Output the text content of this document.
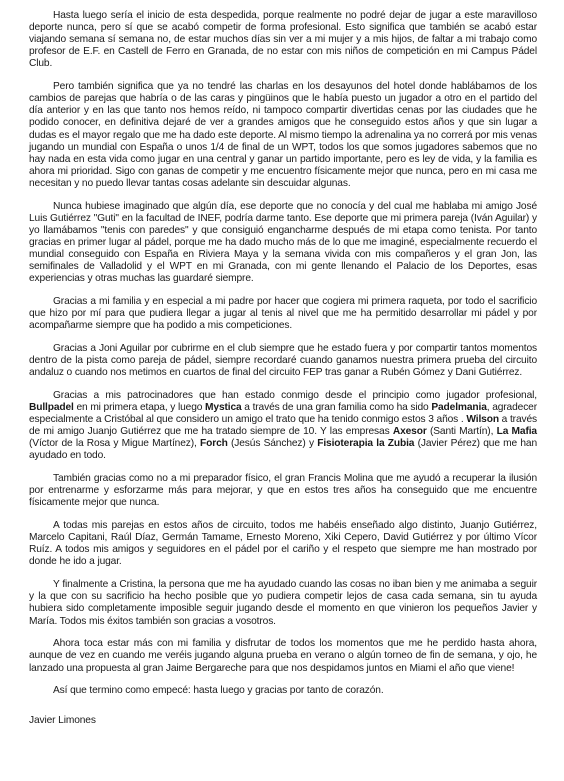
Hasta luego sería el inicio de esta despedida, porque realmente no podré dejar de jugar a este maravilloso deporte nunca, pero sí que se acabó competir de forma profesional. Esto significa que también se acabó estar viajando semana sí semana no, de estar muchos días sin ver a mi mujer y a mis hijos, de faltar a mi trabajo como profesor de E.F. en Castell de Ferro en Granada, de no estar con mis niños de competición en mi Campus Pádel Club.

Pero también significa que ya no tendré las charlas en los desayunos del hotel donde hablábamos de los cambios de parejas que habría o de las caras y pingüinos que le había puesto un jugador a otro en el partido del día anterior y en las que tanto nos hemos reído, ni tampoco compartir divertidas cenas por las ciudades que he podido conocer, en definitiva dejaré de ver a grandes amigos que he conseguido estos años y que sin lugar a dudas es el mayor regalo que me ha dado este deporte. Al mismo tiempo la adrenalina ya no correrá por mis venas jugando un mundial con España o unos 1/4 de final de un WPT, todos los que somos jugadores sabemos que no hay nada en esta vida como jugar en una central y ganar un partido importante, pero es ley de vida, y la familia es ahora mi prioridad. Sigo con ganas de competir y me encuentro físicamente mejor que nunca, pero en mi casa me necesitan y no puedo llevar tantas cosas adelante sin descuidar algunas.

Nunca hubiese imaginado que algún día, ese deporte que no conocía y del cual me hablaba mi amigo José Luis Gutiérrez "Guti" en la facultad de INEF, podría darme tanto. Ese deporte que mi primera pareja (Iván Aguilar) y yo llamábamos "tenis con paredes" y que consiguió engancharme después de mi etapa como tenista. Por tanto gracias en primer lugar al pádel, porque me ha dado mucho más de lo que me imaginé, especialmente recuerdo el mundial conseguido con España en Riviera Maya y la semana vivida con mis compañeros y el gran Jon, las semifinales de Valladolid y el WPT en mi Granada, con mi gente llenando el Palacio de los Deportes, esas experiencias y otras muchas las guardaré siempre.

Gracias a mi familia y en especial a mi padre por hacer que cogiera mi primera raqueta, por todo el sacrificio que hizo por mí para que pudiera llegar a jugar al tenis al nivel que me ha permitido desarrollar mi pádel y por acompañarme siempre que ha podido a mis competiciones.

Gracias a Joni Aguilar por cubrirme en el club siempre que he estado fuera y por compartir tantos momentos dentro de la pista como pareja de pádel, siempre recordaré cuando ganamos nuestra primera prueba del circuito andaluz o cuando nos metimos en cuartos de final del circuito FEP tras ganar a Rubén Gómez y Dani Gutiérrez.

Gracias a mis patrocinadores que han estado conmigo desde el principio como jugador profesional, Bullpadel en mi primera etapa, y luego Mystica a través de una gran familia como ha sido Padelmania, agradecer especialmente a Cristóbal al que considero un amigo el trato que ha tenido conmigo estos 3 años . Wilson a través de mi amigo Juanjo Gutiérrez que me ha tratado siempre de 10. Y las empresas Axesor (Santi Martín), La Mafia (Víctor de la Rosa y Migue Martínez), Forch (Jesús Sánchez) y Fisioterapia la Zubia (Javier Pérez) que me han ayudado en todo.

También gracias como no a mi preparador físico, el gran Francis Molina que me ayudó a recuperar la ilusión por entrenarme y esforzarme más para mejorar, y que en estos tres años ha conseguido que me encuentre físicamente mejor que nunca.

A todas mis parejas en estos años de circuito, todos me habéis enseñado algo distinto, Juanjo Gutiérrez, Marcelo Capitani, Raúl Díaz, Germán Tamame, Ernesto Moreno, Xiki Cepero, David Gutiérrez y por último Vícor Ruíz. A todos mis amigos y seguidores en el pádel por el cariño y el respeto que siempre me han mostrado por donde he ido a jugar.

Y finalmente a Cristina, la persona que me ha ayudado cuando las cosas no iban bien y me animaba a seguir y la que con su sacrificio ha hecho posible que yo pudiera competir lejos de casa cada semana, sin tu ayuda hubiera sido completamente imposible seguir jugando desde el momento en que vinieron los pequeños Javier y María. Todos mis éxitos también son gracias a vosotros.

Ahora toca estar más con mi familia y disfrutar de todos los momentos que me he perdido hasta ahora, aunque de vez en cuando me veréis jugando alguna prueba en verano o algún torneo de fin de semana, y ojo, he lanzado una propuesta al gran Jaime Bergareche para que nos despidamos juntos en Miami el año que viene!

Así que termino como empecé: hasta luego y gracias por tanto de corazón.

Javier Limones
